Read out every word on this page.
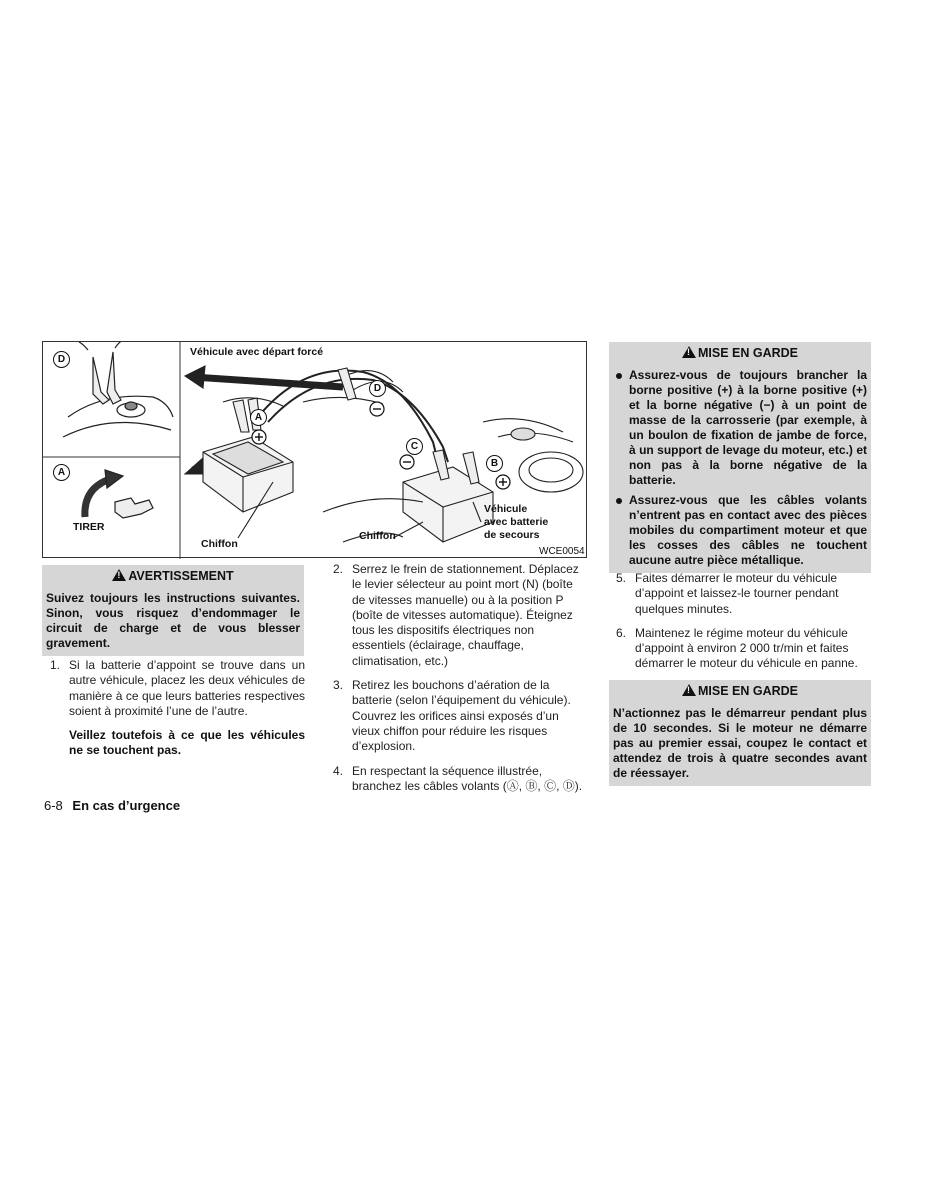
D
A
A
D
C
B
Véhicule avec départ forcé
TIRER
Chiffon
Chiffon
Véhicule
avec batterie
de secours
WCE0054
!AVERTISSEMENT
Suivez toujours les instructions suivantes. Sinon, vous risquez d’endommager le circuit de charge et de vous blesser gravement.
1. Si la batterie d’appoint se trouve dans un autre véhicule, placez les deux véhicules de manière à ce que leurs batteries respectives soient à proximité l’une de l’autre.
Veillez toutefois à ce que les véhicules ne se touchent pas.
2. Serrez le frein de stationnement. Déplacez le levier sélecteur au point mort (N) (boîte de vitesses manuelle) ou à la position P (boîte de vitesses automatique). Éteignez tous les dispositifs électriques non essentiels (éclairage, chauffage, climatisation, etc.)
3. Retirez les bouchons d’aération de la batterie (selon l’équipement du véhicule). Couvrez les orifices ainsi exposés d’un vieux chiffon pour réduire les risques d’explosion.
4. En respectant la séquence illustrée, branchez les câbles volants (Ⓐ, Ⓑ, Ⓒ, Ⓓ).
!MISE EN GARDE
Assurez-vous de toujours brancher la borne positive (+) à la borne positive (+) et la borne négative (−) à un point de masse de la carrosserie (par exemple, à un boulon de fixation de jambe de force, à un support de levage du moteur, etc.) et non pas à la borne négative de la batterie.
Assurez-vous que les câbles volants n’entrent pas en contact avec des pièces mobiles du compartiment moteur et que les cosses des câbles ne touchent aucune autre pièce métallique.
5. Faites démarrer le moteur du véhicule d’appoint et laissez-le tourner pendant quelques minutes.
6. Maintenez le régime moteur du véhicule d’appoint à environ 2 000 tr/min et faites démarrer le moteur du véhicule en panne.
!MISE EN GARDE
N’actionnez pas le démarreur pendant plus de 10 secondes. Si le moteur ne démarre pas au premier essai, coupez le contact et attendez de trois à quatre secondes avant de réessayer.
6-8 En cas d’urgence
